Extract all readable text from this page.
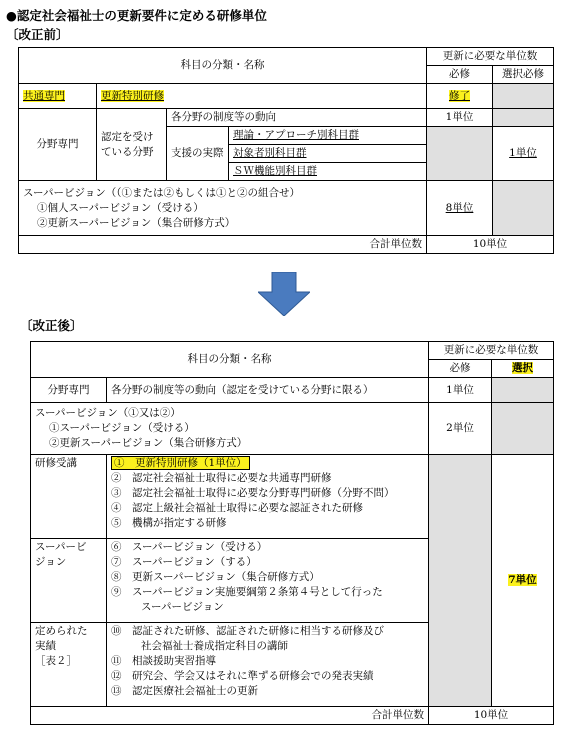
●認定社会福祉士の更新要件に定める研修単位
〔改正前〕
科目の分類・名称				更新に必要な単位数	
				必修	選択必修
共通専門	更新特別研修			修了	
分野専門	認定を受けている分野	各分野の制度等の動向		1単位	
		支援の実際	理論・アプローチ別科目群		1単位
			対象者別科目群		
			ＳＷ機能別科目群		

スーパービジョン（（①または②もしくは①と②の組合せ）
①個人スーパービジョン（受ける）
②更新スーパービジョン（集合研修方式）				8単位	
合計単位数				10単位	
〔改正後〕
科目の分類・名称		更新に必要な単位数	
		必修	選択
分野専門	各分野の制度等の動向（認定を受けている分野に限る）	1単位	

スーパービジョン（①又は②）
①スーパービジョン（受ける）
②更新スーパービジョン（集合研修方式）		2単位	
研修受講	①　更新特別研修（1単位）
②　認定社会福祉士取得に必要な共通専門研修
③　認定社会福祉士取得に必要な分野専門研修（分野不問）
④　認定上級社会福祉士取得に必要な認証された研修
⑤　機構が指定する研修		7単位

スーパービ
ジョン	⑥　スーパービジョン（受ける）
⑦　スーパービジョン（する）
⑧　更新スーパービジョン（集合研修方式）
⑨　スーパービジョン実施要綱第２条第４号として行った
スーパービジョン		

定められた
実績
［表２］	⑩　認証された研修、認証された研修に相当する研修及び
社会福祉士養成指定科目の講師
⑪　相談援助実習指導
⑫　研究会、学会又はそれに準ずる研修会での発表実績
⑬　認定医療社会福祉士の更新		

合計単位数		10単位	
